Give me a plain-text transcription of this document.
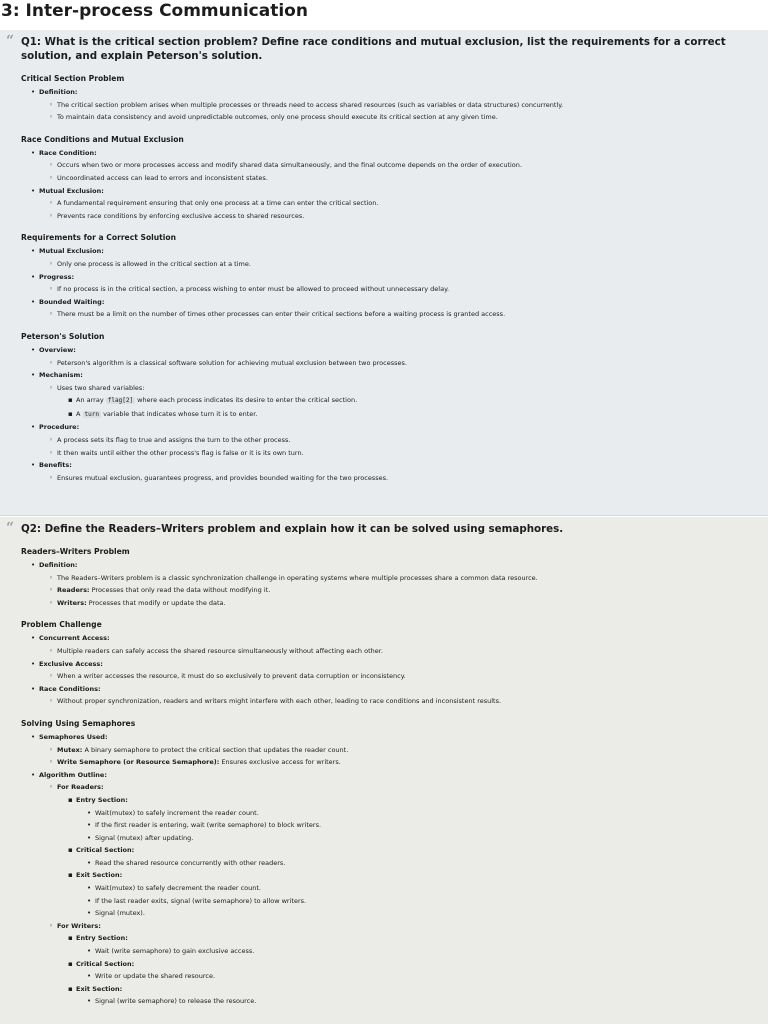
3: Inter-process Communication
“ Q1: What is the critical section problem? Define race conditions and mutual exclusion, list the requirements for a correct solution, and explain Peterson's solution.
Critical Section Problem
• Definition:
◦ The critical section problem arises when multiple processes or threads need to access shared resources (such as variables or data structures) concurrently.
◦ To maintain data consistency and avoid unpredictable outcomes, only one process should execute its critical section at any given time.
Race Conditions and Mutual Exclusion
• Race Condition:
◦ Occurs when two or more processes access and modify shared data simultaneously, and the final outcome depends on the order of execution.
◦ Uncoordinated access can lead to errors and inconsistent states.
• Mutual Exclusion:
◦ A fundamental requirement ensuring that only one process at a time can enter the critical section.
◦ Prevents race conditions by enforcing exclusive access to shared resources.
Requirements for a Correct Solution
• Mutual Exclusion:
◦ Only one process is allowed in the critical section at a time.
• Progress:
◦ If no process is in the critical section, a process wishing to enter must be allowed to proceed without unnecessary delay.
• Bounded Waiting:
◦ There must be a limit on the number of times other processes can enter their critical sections before a waiting process is granted access.
Peterson's Solution
• Overview:
◦ Peterson's algorithm is a classical software solution for achieving mutual exclusion between two processes.
• Mechanism:
◦ Uses two shared variables:
▪ An array flag[2] where each process indicates its desire to enter the critical section.
▪ A turn variable that indicates whose turn it is to enter.
• Procedure:
◦ A process sets its flag to true and assigns the turn to the other process.
◦ It then waits until either the other process's flag is false or it is its own turn.
• Benefits:
◦ Ensures mutual exclusion, guarantees progress, and provides bounded waiting for the two processes.
“ Q2: Define the Readers–Writers problem and explain how it can be solved using semaphores.
Readers–Writers Problem
• Definition:
◦ The Readers–Writers problem is a classic synchronization challenge in operating systems where multiple processes share a common data resource.
◦ Readers: Processes that only read the data without modifying it.
◦ Writers: Processes that modify or update the data.
Problem Challenge
• Concurrent Access:
◦ Multiple readers can safely access the shared resource simultaneously without affecting each other.
• Exclusive Access:
◦ When a writer accesses the resource, it must do so exclusively to prevent data corruption or inconsistency.
• Race Conditions:
◦ Without proper synchronization, readers and writers might interfere with each other, leading to race conditions and inconsistent results.
Solving Using Semaphores
• Semaphores Used:
◦ Mutex: A binary semaphore to protect the critical section that updates the reader count.
◦ Write Semaphore (or Resource Semaphore): Ensures exclusive access for writers.
• Algorithm Outline:
◦ For Readers:
▪ Entry Section:
• Wait(mutex) to safely increment the reader count.
• If the first reader is entering, wait (write semaphore) to block writers.
• Signal (mutex) after updating.
▪ Critical Section:
• Read the shared resource concurrently with other readers.
▪ Exit Section:
• Wait(mutex) to safely decrement the reader count.
• If the last reader exits, signal (write semaphore) to allow writers.
• Signal (mutex).
◦ For Writers:
▪ Entry Section:
• Wait (write semaphore) to gain exclusive access.
▪ Critical Section:
• Write or update the shared resource.
▪ Exit Section:
• Signal (write semaphore) to release the resource.
